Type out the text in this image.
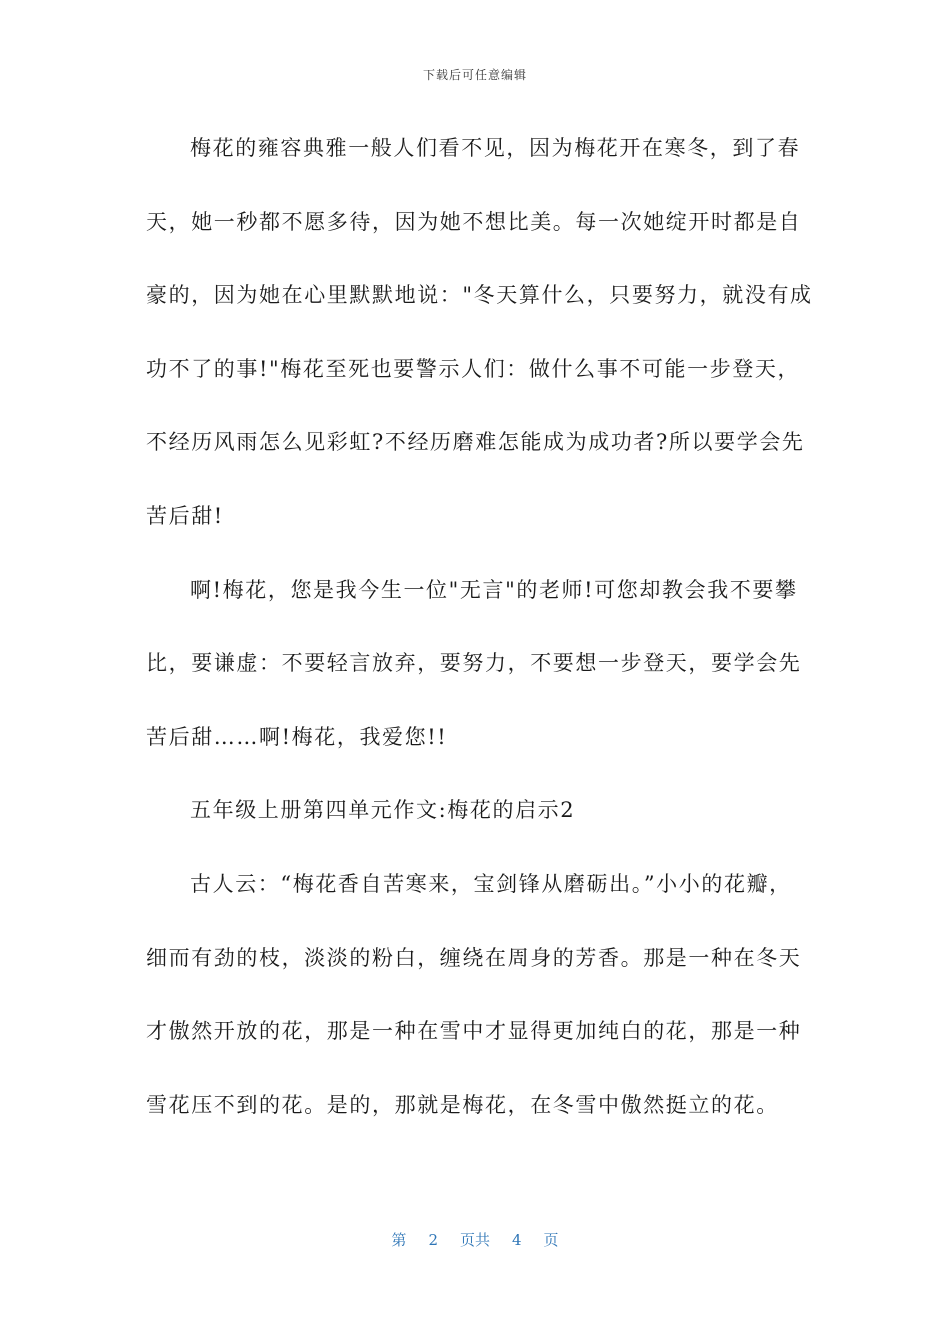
下载后可任意编辑
梅花的雍容典雅一般人们看不见，因为梅花开在寒冬，到了春
天，她一秒都不愿多待，因为她不想比美。每一次她绽开时都是自
豪的，因为她在心里默默地说："冬天算什么，只要努力，就没有成
功不了的事!"梅花至死也要警示人们：做什么事不可能一步登天，
不经历风雨怎么见彩虹?不经历磨难怎能成为成功者?所以要学会先
苦后甜!
啊!梅花，您是我今生一位"无言"的老师!可您却教会我不要攀
比，要谦虚：不要轻言放弃，要努力，不要想一步登天，要学会先
苦后甜……啊!梅花，我爱您!!
五年级上册第四单元作文:梅花的启示2
古人云：“梅花香自苦寒来，宝剑锋从磨砺出。”小小的花瓣，
细而有劲的枝，淡淡的粉白，缠绕在周身的芳香。那是一种在冬天
才傲然开放的花，那是一种在雪中才显得更加纯白的花，那是一种
雪花压不到的花。是的，那就是梅花，在冬雪中傲然挺立的花。
第 2 页共 4 页
